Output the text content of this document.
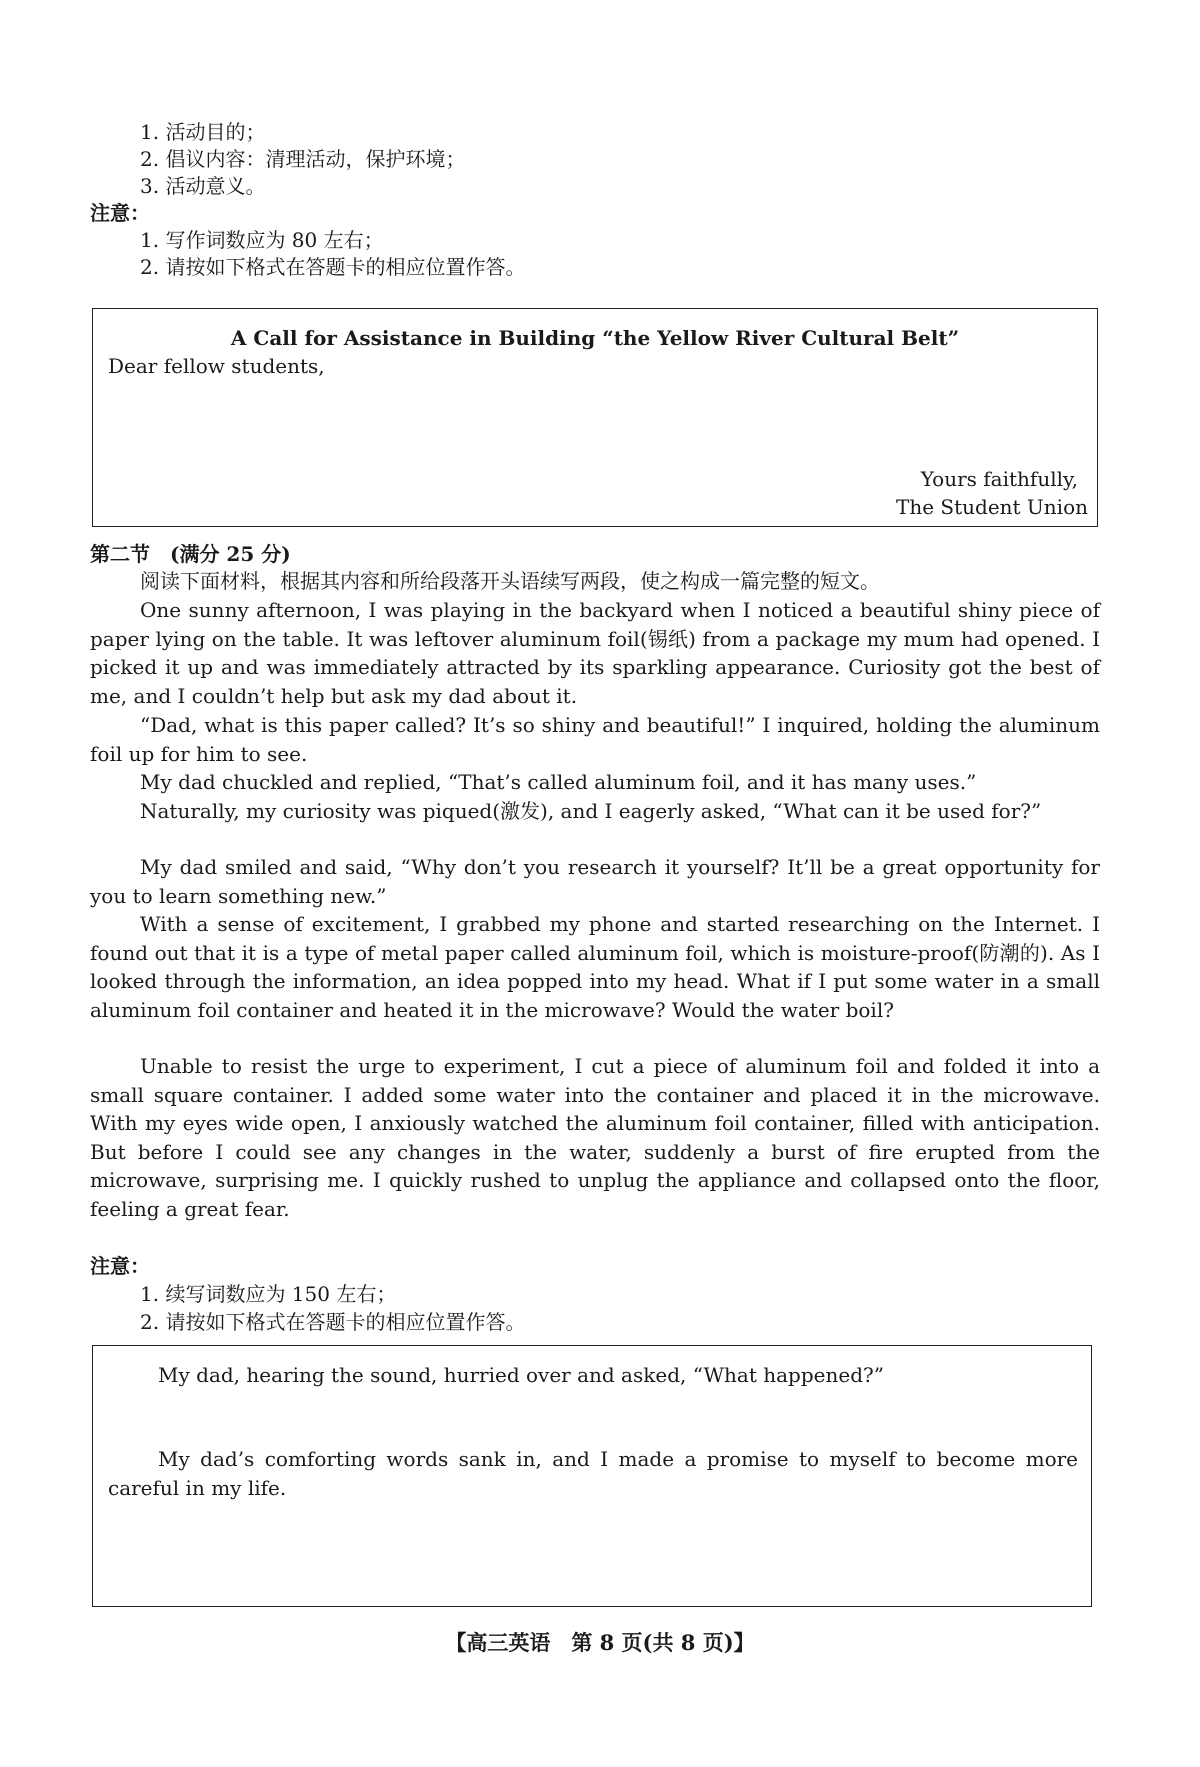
1. 活动目的；
2. 倡议内容：清理活动，保护环境；
3. 活动意义。
注意：
1. 写作词数应为 80 左右；
2. 请按如下格式在答题卡的相应位置作答。
A Call for Assistance in Building “the Yellow River Cultural Belt”
Dear fellow students,
Yours faithfully,
The Student Union
第二节　(满分 25 分)
阅读下面材料，根据其内容和所给段落开头语续写两段，使之构成一篇完整的短文。
One sunny afternoon, I was playing in the backyard when I noticed a beautiful shiny piece of paper lying on the table. It was leftover aluminum foil(锡纸) from a package my mum had opened. I picked it up and was immediately attracted by its sparkling appearance. Curiosity got the best of me, and I couldn’t help but ask my dad about it.
“Dad, what is this paper called? It’s so shiny and beautiful!” I inquired, holding the aluminum foil up for him to see.
My dad chuckled and replied, “That’s called aluminum foil, and it has many uses.”
Naturally, my curiosity was piqued(激发), and I eagerly asked, “What can it be used for?”
My dad smiled and said, “Why don’t you research it yourself? It’ll be a great opportunity for you to learn something new.”
With a sense of excitement, I grabbed my phone and started researching on the Internet. I found out that it is a type of metal paper called aluminum foil, which is moisture-proof(防潮的). As I looked through the information, an idea popped into my head. What if I put some water in a small aluminum foil container and heated it in the microwave? Would the water boil?
Unable to resist the urge to experiment, I cut a piece of aluminum foil and folded it into a small square container. I added some water into the container and placed it in the microwave. With my eyes wide open, I anxiously watched the aluminum foil container, filled with anticipation. But before I could see any changes in the water, suddenly a burst of fire erupted from the microwave, surprising me. I quickly rushed to unplug the appliance and collapsed onto the floor, feeling a great fear.
注意：
1. 续写词数应为 150 左右；
2. 请按如下格式在答题卡的相应位置作答。
My dad, hearing the sound, hurried over and asked, “What happened?”
My dad’s comforting words sank in, and I made a promise to myself to become more careful in my life.
【高三英语　第 8 页(共 8 页)】
